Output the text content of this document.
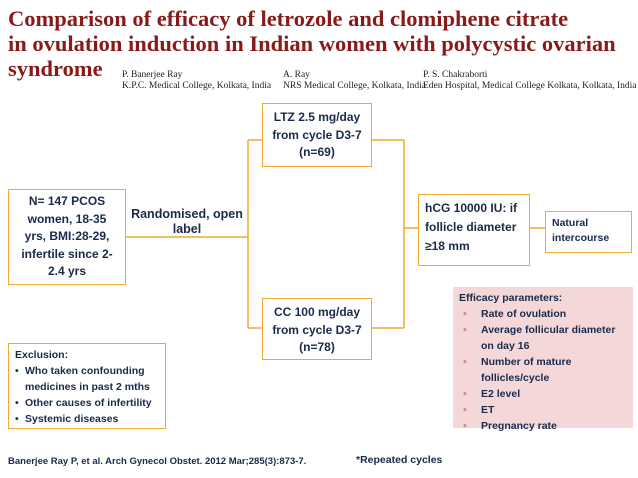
Comparison of efficacy of letrozole and clomiphene citrate
in ovulation induction in Indian women with polycystic ovarian
syndrome	P. Banerjee Ray
K.P.C. Medical College, Kolkata, India
A. Ray
NRS Medical College, Kolkata, India
P. S. Chakraborti
Eden Hospital, Medical College Kolkata, Kolkata, India
N= 147 PCOS
women, 18-35
yrs, BMI:28-29,
infertile since 2-
2.4 yrs
Randomised, open
label
LTZ 2.5 mg/day
from cycle D3-7
(n=69)
CC 100 mg/day
from cycle D3-7
(n=78)
hCG 10000 IU: if
follicle diameter
≥18 mm
Natural
intercourse
Exclusion:
• Who taken confounding medicines in past 2 mths
• Other causes of infertility
• Systemic diseases
Efficacy parameters:
▪ Rate of ovulation
▪ Average follicular diameter on day 16
▪ Number of mature follicles/cycle
▪ E2 level
▪ ET
▪ Pregnancy rate
Banerjee Ray P, et al. Arch Gynecol Obstet. 2012 Mar;285(3):873-7.	*Repeated cycles
